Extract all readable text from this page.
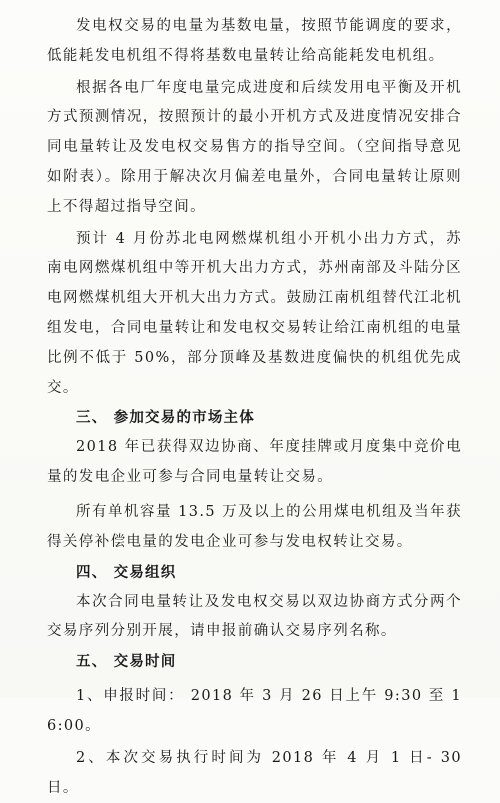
发电权交易的电量为基数电量，按照节能调度的要求，低能耗发电机组不得将基数电量转让给高能耗发电机组。

根据各电厂年度电量完成进度和后续发用电平衡及开机方式预测情况，按照预计的最小开机方式及进度情况安排合同电量转让及发电权交易售方的指导空间。（空间指导意见如附表）。除用于解决次月偏差电量外，合同电量转让原则上不得超过指导空间。

预计 4 月份苏北电网燃煤机组小开机小出力方式，苏南电网燃煤机组中等开机大出力方式，苏州南部及斗陆分区电网燃煤机组大开机大出力方式。鼓励江南机组替代江北机组发电，合同电量转让和发电权交易转让给江南机组的电量比例不低于 50%，部分顶峰及基数进度偏快的机组优先成交。

三、 参加交易的市场主体

2018 年已获得双边协商、年度挂牌或月度集中竞价电量的发电企业可参与合同电量转让交易。

所有单机容量 13.5 万及以上的公用煤电机组及当年获得关停补偿电量的发电企业可参与发电权转让交易。

四、 交易组织

本次合同电量转让及发电权交易以双边协商方式分两个交易序列分别开展，请申报前确认交易序列名称。

五、 交易时间

1、申报时间： 2018 年 3 月 26 日上午 9:30 至 16:00。

2、本次交易执行时间为 2018 年 4 月 1 日- 30 日。
